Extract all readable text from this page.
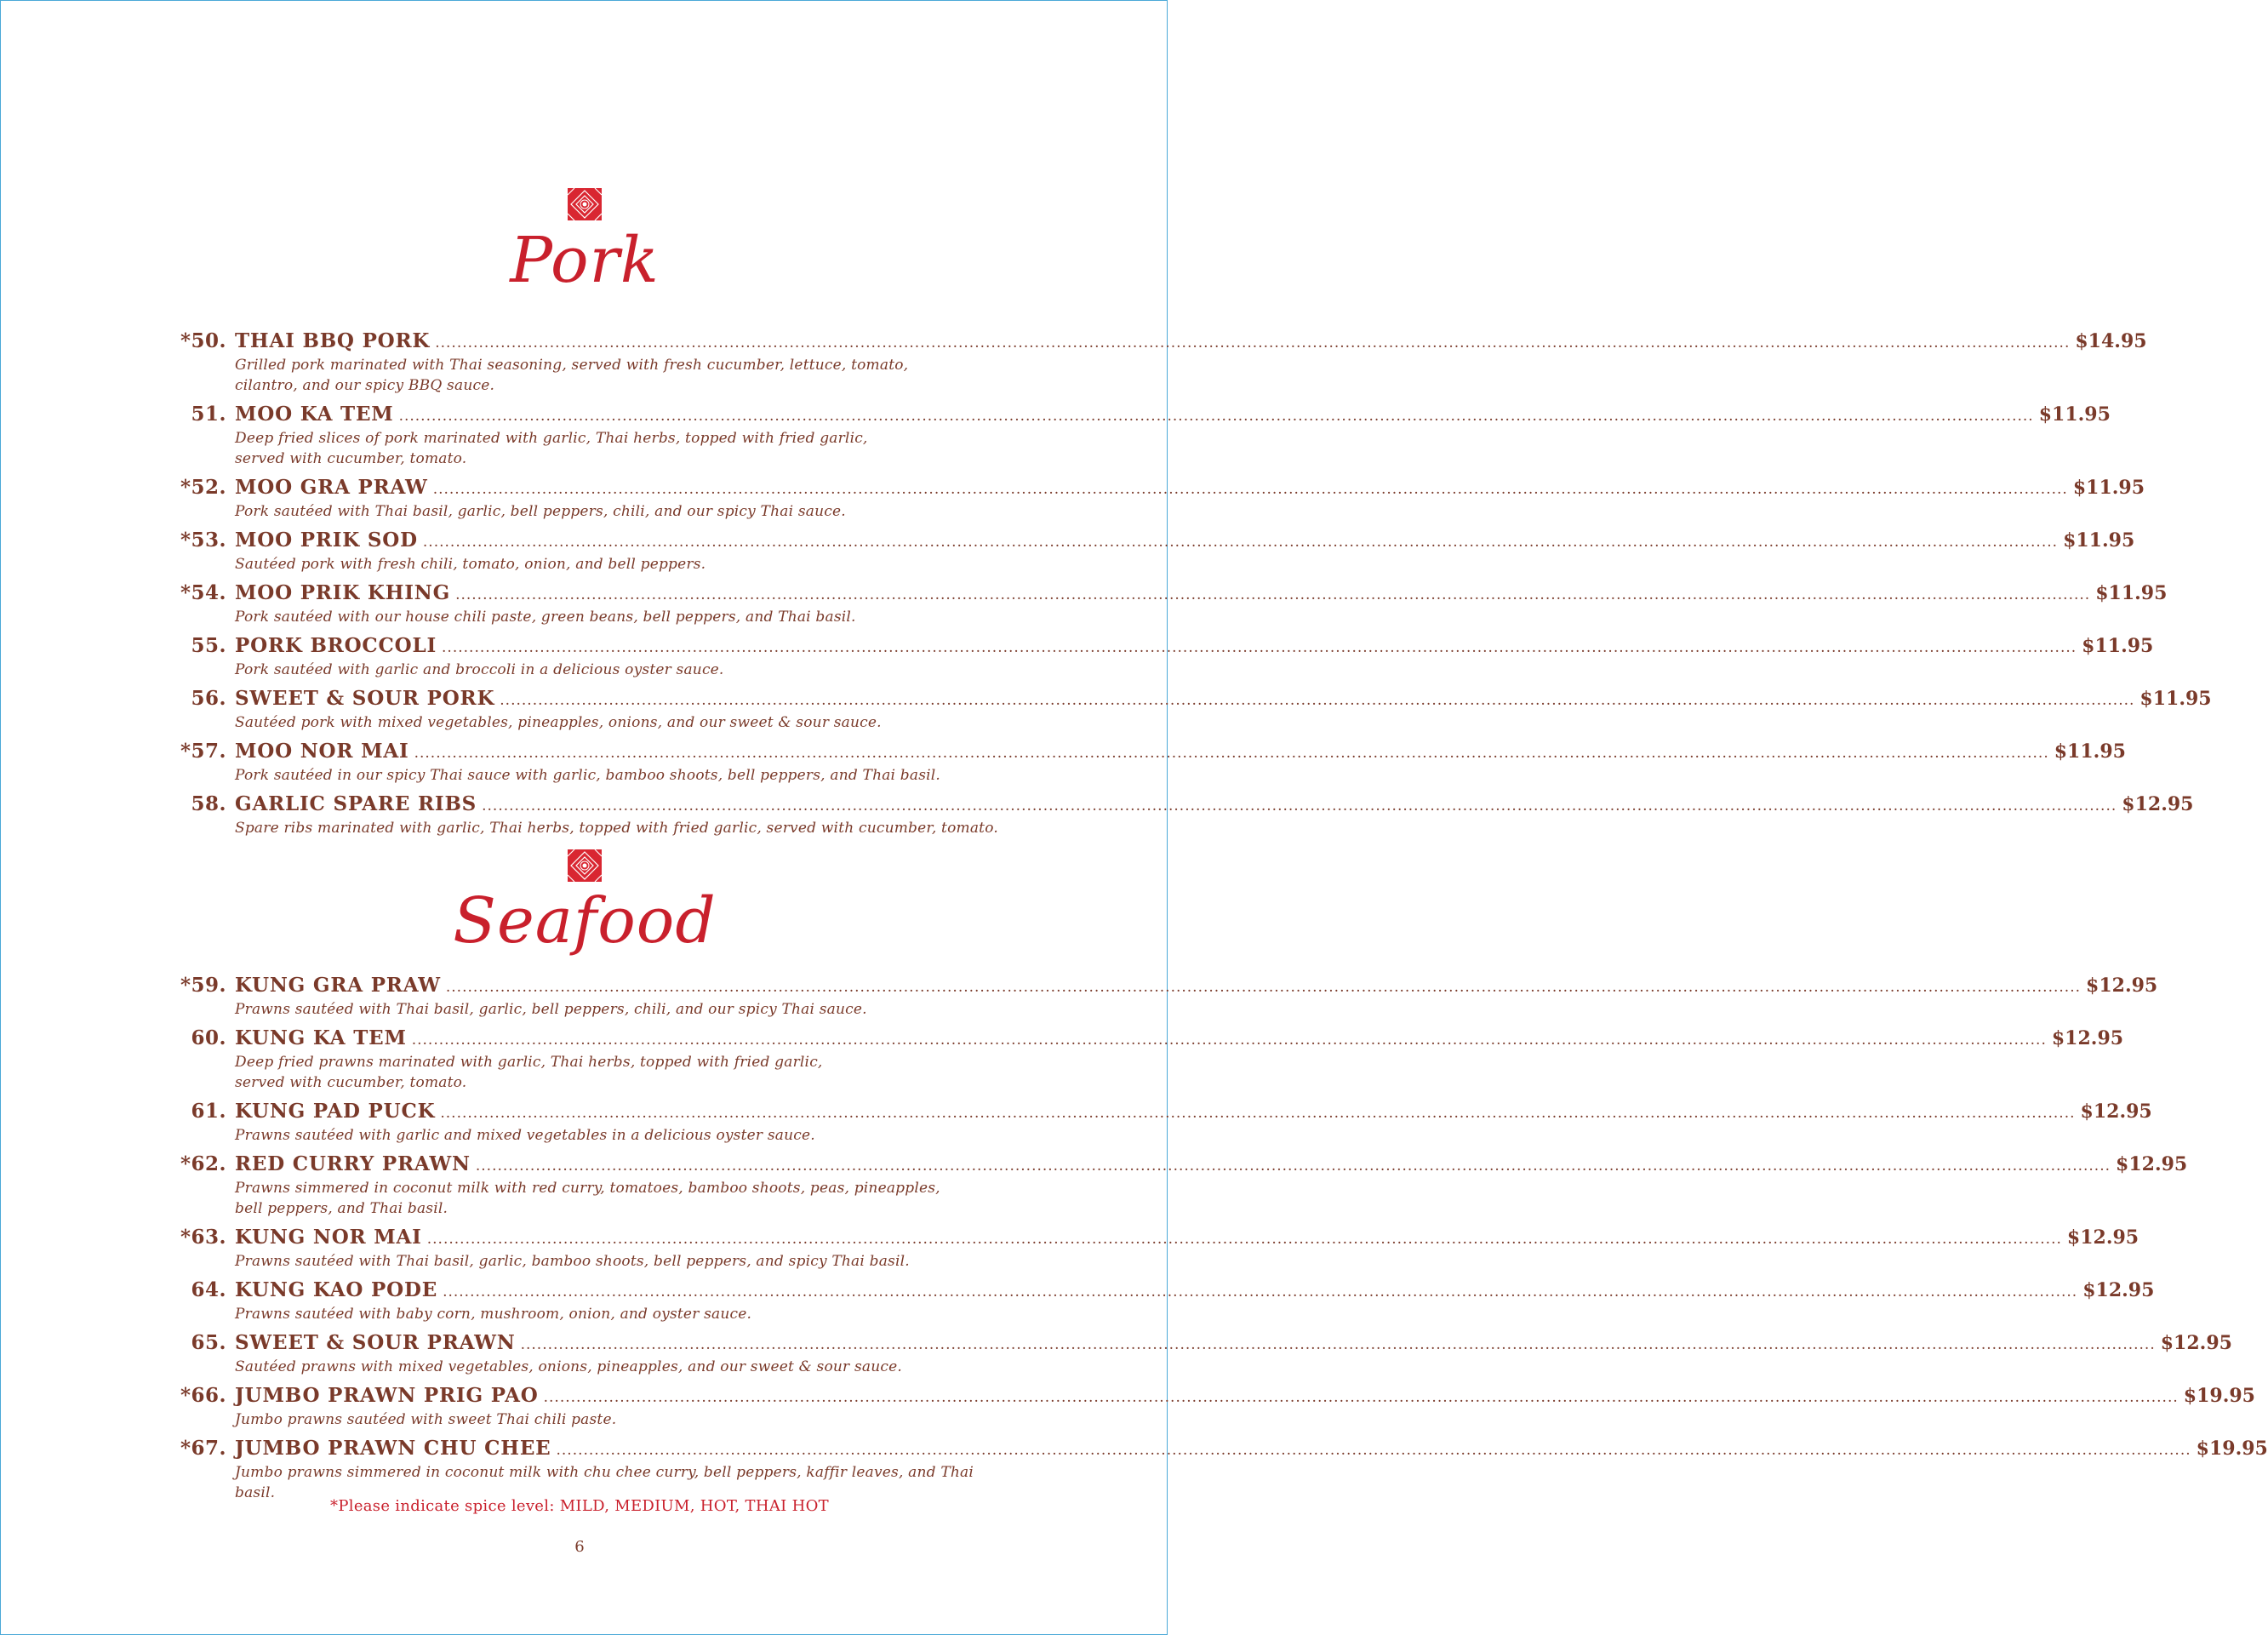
Pork
*50. THAI BBQ PORK ............................................................................................................................................................................................................................................................................................................ $14.95
Grilled pork marinated with Thai seasoning, served with fresh cucumber, lettuce, tomato,
cilantro, and our spicy BBQ sauce.
51. MOO KA TEM ............................................................................................................................................................................................................................................................................................................ $11.95
Deep fried slices of pork marinated with garlic, Thai herbs, topped with fried garlic,
served with cucumber, tomato.
*52. MOO GRA PRAW ............................................................................................................................................................................................................................................................................................................ $11.95
Pork sautéed with Thai basil, garlic, bell peppers, chili, and our spicy Thai sauce.
*53. MOO PRIK SOD ............................................................................................................................................................................................................................................................................................................ $11.95
Sautéed pork with fresh chili, tomato, onion, and bell peppers.
*54. MOO PRIK KHING ............................................................................................................................................................................................................................................................................................................ $11.95
Pork sautéed with our house chili paste, green beans, bell peppers, and Thai basil.
55. PORK BROCCOLI ............................................................................................................................................................................................................................................................................................................ $11.95
Pork sautéed with garlic and broccoli in a delicious oyster sauce.
56. SWEET & SOUR PORK ............................................................................................................................................................................................................................................................................................................ $11.95
Sautéed pork with mixed vegetables, pineapples, onions, and our sweet & sour sauce.
*57. MOO NOR MAI ............................................................................................................................................................................................................................................................................................................ $11.95
Pork sautéed in our spicy Thai sauce with garlic, bamboo shoots, bell peppers, and Thai basil.
58. GARLIC SPARE RIBS ............................................................................................................................................................................................................................................................................................................ $12.95
Spare ribs marinated with garlic, Thai herbs, topped with fried garlic, served with cucumber, tomato.
Seafood
*59. KUNG GRA PRAW ............................................................................................................................................................................................................................................................................................................ $12.95
Prawns sautéed with Thai basil, garlic, bell peppers, chili, and our spicy Thai sauce.
60. KUNG KA TEM ............................................................................................................................................................................................................................................................................................................ $12.95
Deep fried prawns marinated with garlic, Thai herbs, topped with fried garlic,
served with cucumber, tomato.
61. KUNG PAD PUCK ............................................................................................................................................................................................................................................................................................................ $12.95
Prawns sautéed with garlic and mixed vegetables in a delicious oyster sauce.
*62. RED CURRY PRAWN ............................................................................................................................................................................................................................................................................................................ $12.95
Prawns simmered in coconut milk with red curry, tomatoes, bamboo shoots, peas, pineapples,
bell peppers, and Thai basil.
*63. KUNG NOR MAI ............................................................................................................................................................................................................................................................................................................ $12.95
Prawns sautéed with Thai basil, garlic, bamboo shoots, bell peppers, and spicy Thai basil.
64. KUNG KAO PODE ............................................................................................................................................................................................................................................................................................................ $12.95
Prawns sautéed with baby corn, mushroom, onion, and oyster sauce.
65. SWEET & SOUR PRAWN ............................................................................................................................................................................................................................................................................................................ $12.95
Sautéed prawns with mixed vegetables, onions, pineapples, and our sweet & sour sauce.
*66. JUMBO PRAWN PRIG PAO ............................................................................................................................................................................................................................................................................................................ $19.95
Jumbo prawns sautéed with sweet Thai chili paste.
*67. JUMBO PRAWN CHU CHEE ............................................................................................................................................................................................................................................................................................................ $19.95
Jumbo prawns simmered in coconut milk with chu chee curry, bell peppers, kaffir leaves, and Thai basil.
*Please indicate spice level: MILD, MEDIUM, HOT, THAI HOT
6
